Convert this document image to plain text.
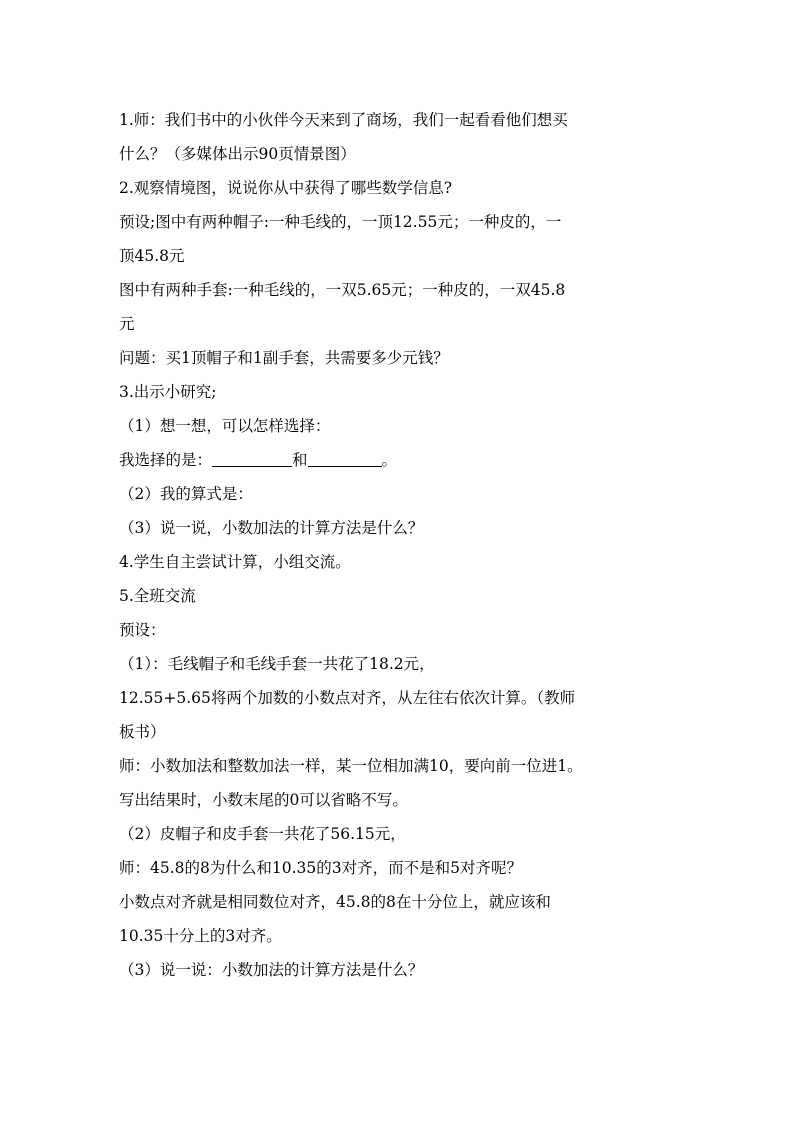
1.师：我们书中的小伙伴今天来到了商场，我们一起看看他们想买
什么？（多媒体出示90页情景图）
2.观察情境图，说说你从中获得了哪些数学信息?
预设;图中有两种帽子:一种毛线的，一顶12.55元；一种皮的，一
顶45.8元
图中有两种手套:一种毛线的，一双5.65元；一种皮的，一双45.8
元
问题：买1顶帽子和1副手套，共需要多少元钱？
3.出示小研究;
（1）想一想，可以怎样选择：
我选择的是：	和	。
（2）我的算式是：
（3）说一说，小数加法的计算方法是什么？
4.学生自主尝试计算，小组交流。
5.全班交流
预设：
（1）：毛线帽子和毛线手套一共花了18.2元，
12.55+5.65将两个加数的小数点对齐，从左往右依次计算。（教师
板书）
师：小数加法和整数加法一样，某一位相加满10，要向前一位进1。
写出结果时，小数末尾的0可以省略不写。
（2）皮帽子和皮手套一共花了56.15元，
师：45.8的8为什么和10.35的3对齐，而不是和5对齐呢？
小数点对齐就是相同数位对齐，45.8的8在十分位上，就应该和
10.35十分上的3对齐。
（3）说一说：小数加法的计算方法是什么？
